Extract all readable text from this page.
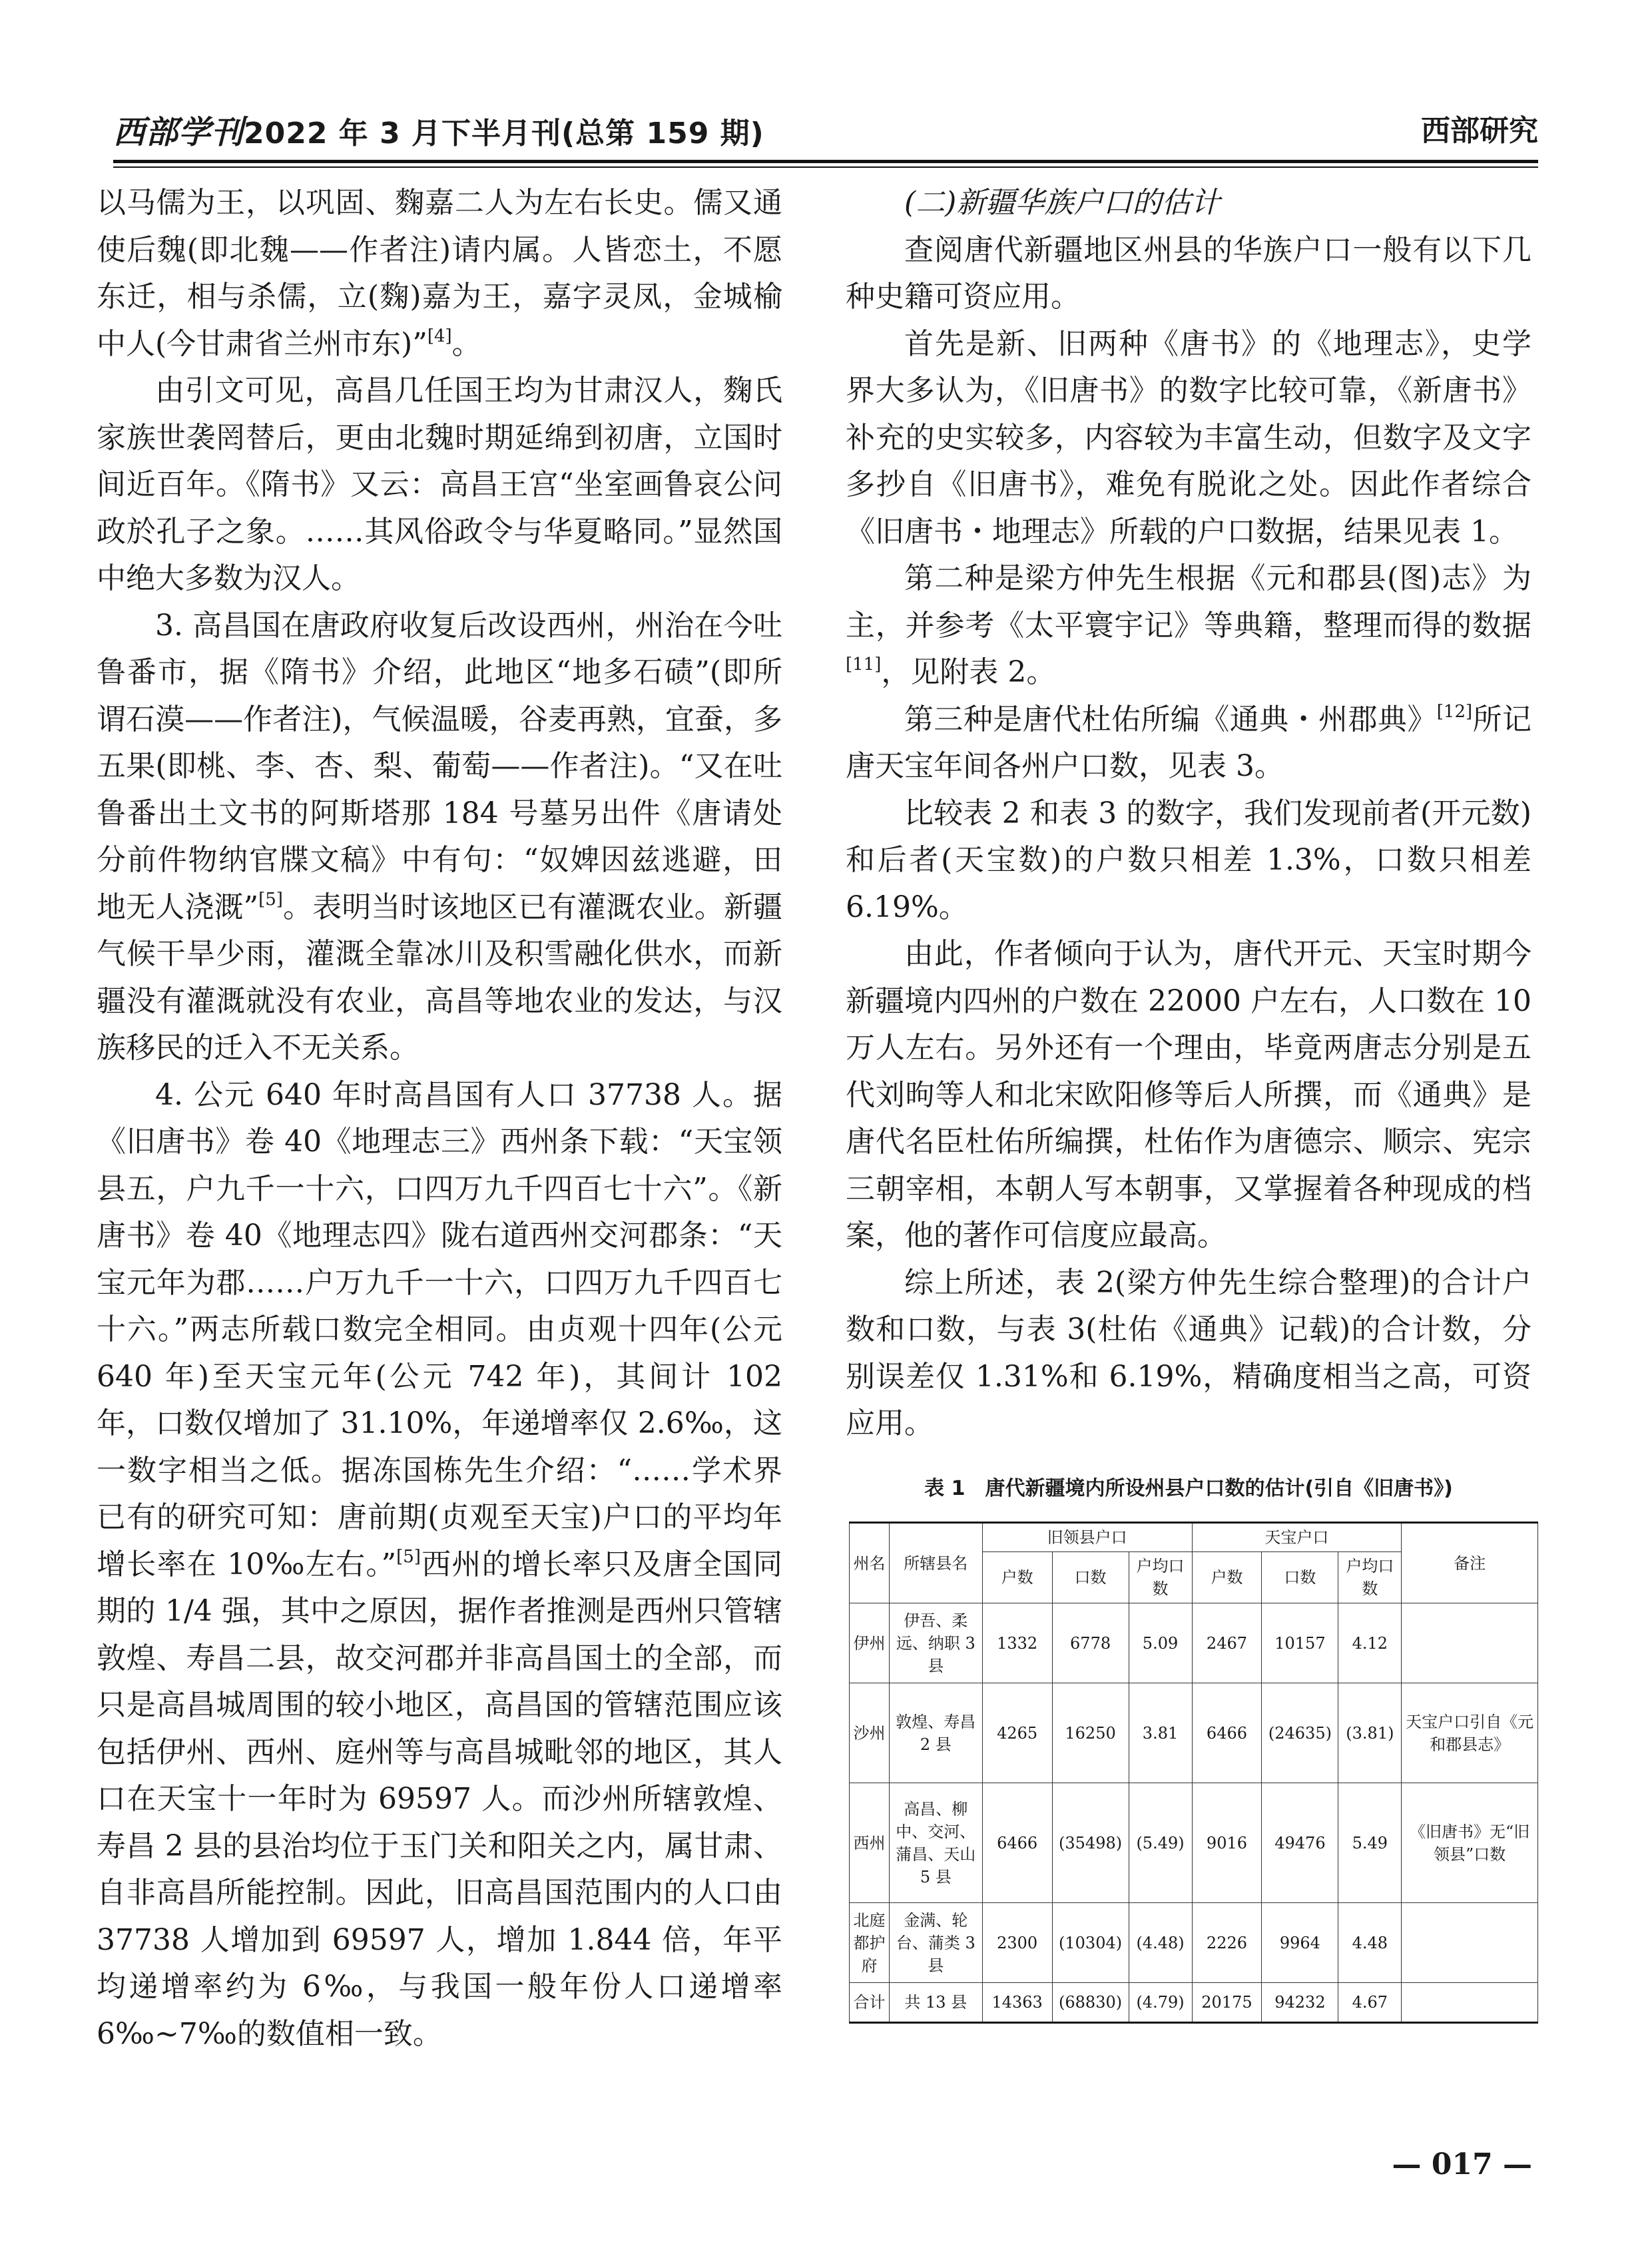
西部学刊2022 年 3 月下半月刊(总第 159 期)	西部研究

以马儒为王，以巩固、麴嘉二人为左右长史。儒又通使后魏(即北魏——作者注)请内属。人皆恋土，不愿东迁，相与杀儒，立(麴)嘉为王，嘉字灵凤，金城榆中人(今甘肃省兰州市东)”[4]。

由引文可见，高昌几任国王均为甘肃汉人，麴氏家族世袭罔替后，更由北魏时期延绵到初唐，立国时间近百年。《隋书》又云：高昌王宫“坐室画鲁哀公问政於孔子之象。……其风俗政令与华夏略同。”显然国中绝大多数为汉人。

3. 高昌国在唐政府收复后改设西州，州治在今吐鲁番市，据《隋书》介绍，此地区“地多石碛”(即所谓石漠——作者注)，气候温暖，谷麦再熟，宜蚕，多五果(即桃、李、杏、梨、葡萄——作者注)。“又在吐鲁番出土文书的阿斯塔那 184 号墓另出件《唐请处分前件物纳官牒文稿》中有句：“奴婢因兹逃避，田地无人浇溉”[5]。表明当时该地区已有灌溉农业。新疆气候干旱少雨，灌溉全靠冰川及积雪融化供水，而新疆没有灌溉就没有农业，高昌等地农业的发达，与汉族移民的迁入不无关系。

4. 公元 640 年时高昌国有人口 37738 人。据《旧唐书》卷 40《地理志三》西州条下载：“天宝领县五，户九千一十六，口四万九千四百七十六”。《新唐书》卷 40《地理志四》陇右道西州交河郡条：“天宝元年为郡……户万九千一十六，口四万九千四百七十六。”两志所载口数完全相同。由贞观十四年(公元 640 年)至天宝元年(公元 742 年)，其间计 102 年，口数仅增加了 31.10%，年递增率仅 2.6‰，这一数字相当之低。据冻国栋先生介绍：“……学术界已有的研究可知：唐前期(贞观至天宝)户口的平均年增长率在 10‰左右。”[5]西州的增长率只及唐全国同期的 1/4 强，其中之原因，据作者推测是西州只管辖敦煌、寿昌二县，故交河郡并非高昌国土的全部，而只是高昌城周围的较小地区，高昌国的管辖范围应该包括伊州、西州、庭州等与高昌城毗邻的地区，其人口在天宝十一年时为 69597 人。而沙州所辖敦煌、寿昌 2 县的县治均位于玉门关和阳关之内，属甘肃、自非高昌所能控制。因此，旧高昌国范围内的人口由 37738 人增加到 69597 人，增加 1.844 倍，年平均递增率约为 6‰，与我国一般年份人口递增率 6‰~7‰的数值相一致。

(二)新疆华族户口的估计

查阅唐代新疆地区州县的华族户口一般有以下几种史籍可资应用。

首先是新、旧两种《唐书》的《地理志》，史学界大多认为，《旧唐书》的数字比较可靠，《新唐书》补充的史实较多，内容较为丰富生动，但数字及文字多抄自《旧唐书》，难免有脱讹之处。因此作者综合《旧唐书・地理志》所载的户口数据，结果见表 1。

第二种是梁方仲先生根据《元和郡县(图)志》为主，并参考《太平寰宇记》等典籍，整理而得的数据[11]，见附表 2。

第三种是唐代杜佑所编《通典・州郡典》[12]所记唐天宝年间各州户口数，见表 3。

比较表 2 和表 3 的数字，我们发现前者(开元数)和后者(天宝数)的户数只相差 1.3%，口数只相差 6.19%。

由此，作者倾向于认为，唐代开元、天宝时期今新疆境内四州的户数在 22000 户左右，人口数在 10 万人左右。另外还有一个理由，毕竟两唐志分别是五代刘昫等人和北宋欧阳修等后人所撰，而《通典》是唐代名臣杜佑所编撰，杜佑作为唐德宗、顺宗、宪宗三朝宰相，本朝人写本朝事，又掌握着各种现成的档案，他的著作可信度应最高。

综上所述，表 2(梁方仲先生综合整理)的合计户数和口数，与表 3(杜佑《通典》记载)的合计数，分别误差仅 1.31%和 6.19%，精确度相当之高，可资应用。

表 1　唐代新疆境内所设州县户口数的估计(引自《旧唐书》)
州名	所辖县名	旧领县户口			天宝户口			备注
		户数	口数	户均口数	户数	口数	户均口数	
伊州	伊吾、柔远、纳职 3 县	1332	6778	5.09	2467	10157	4.12	
沙州	敦煌、寿昌 2 县	4265	16250	3.81	6466	(24635)	(3.81)	天宝户口引自《元和郡县志》
西州	高昌、柳中、交河、蒲昌、天山 5 县	6466	(35498)	(5.49)	9016	49476	5.49	《旧唐书》无“旧领县”口数
北庭都护府	金满、轮台、蒲类 3 县	2300	(10304)	(4.48)	2226	9964	4.48	
合计	共 13 县	14363	(68830)	(4.79)	20175	94232	4.67	
— 017 —
